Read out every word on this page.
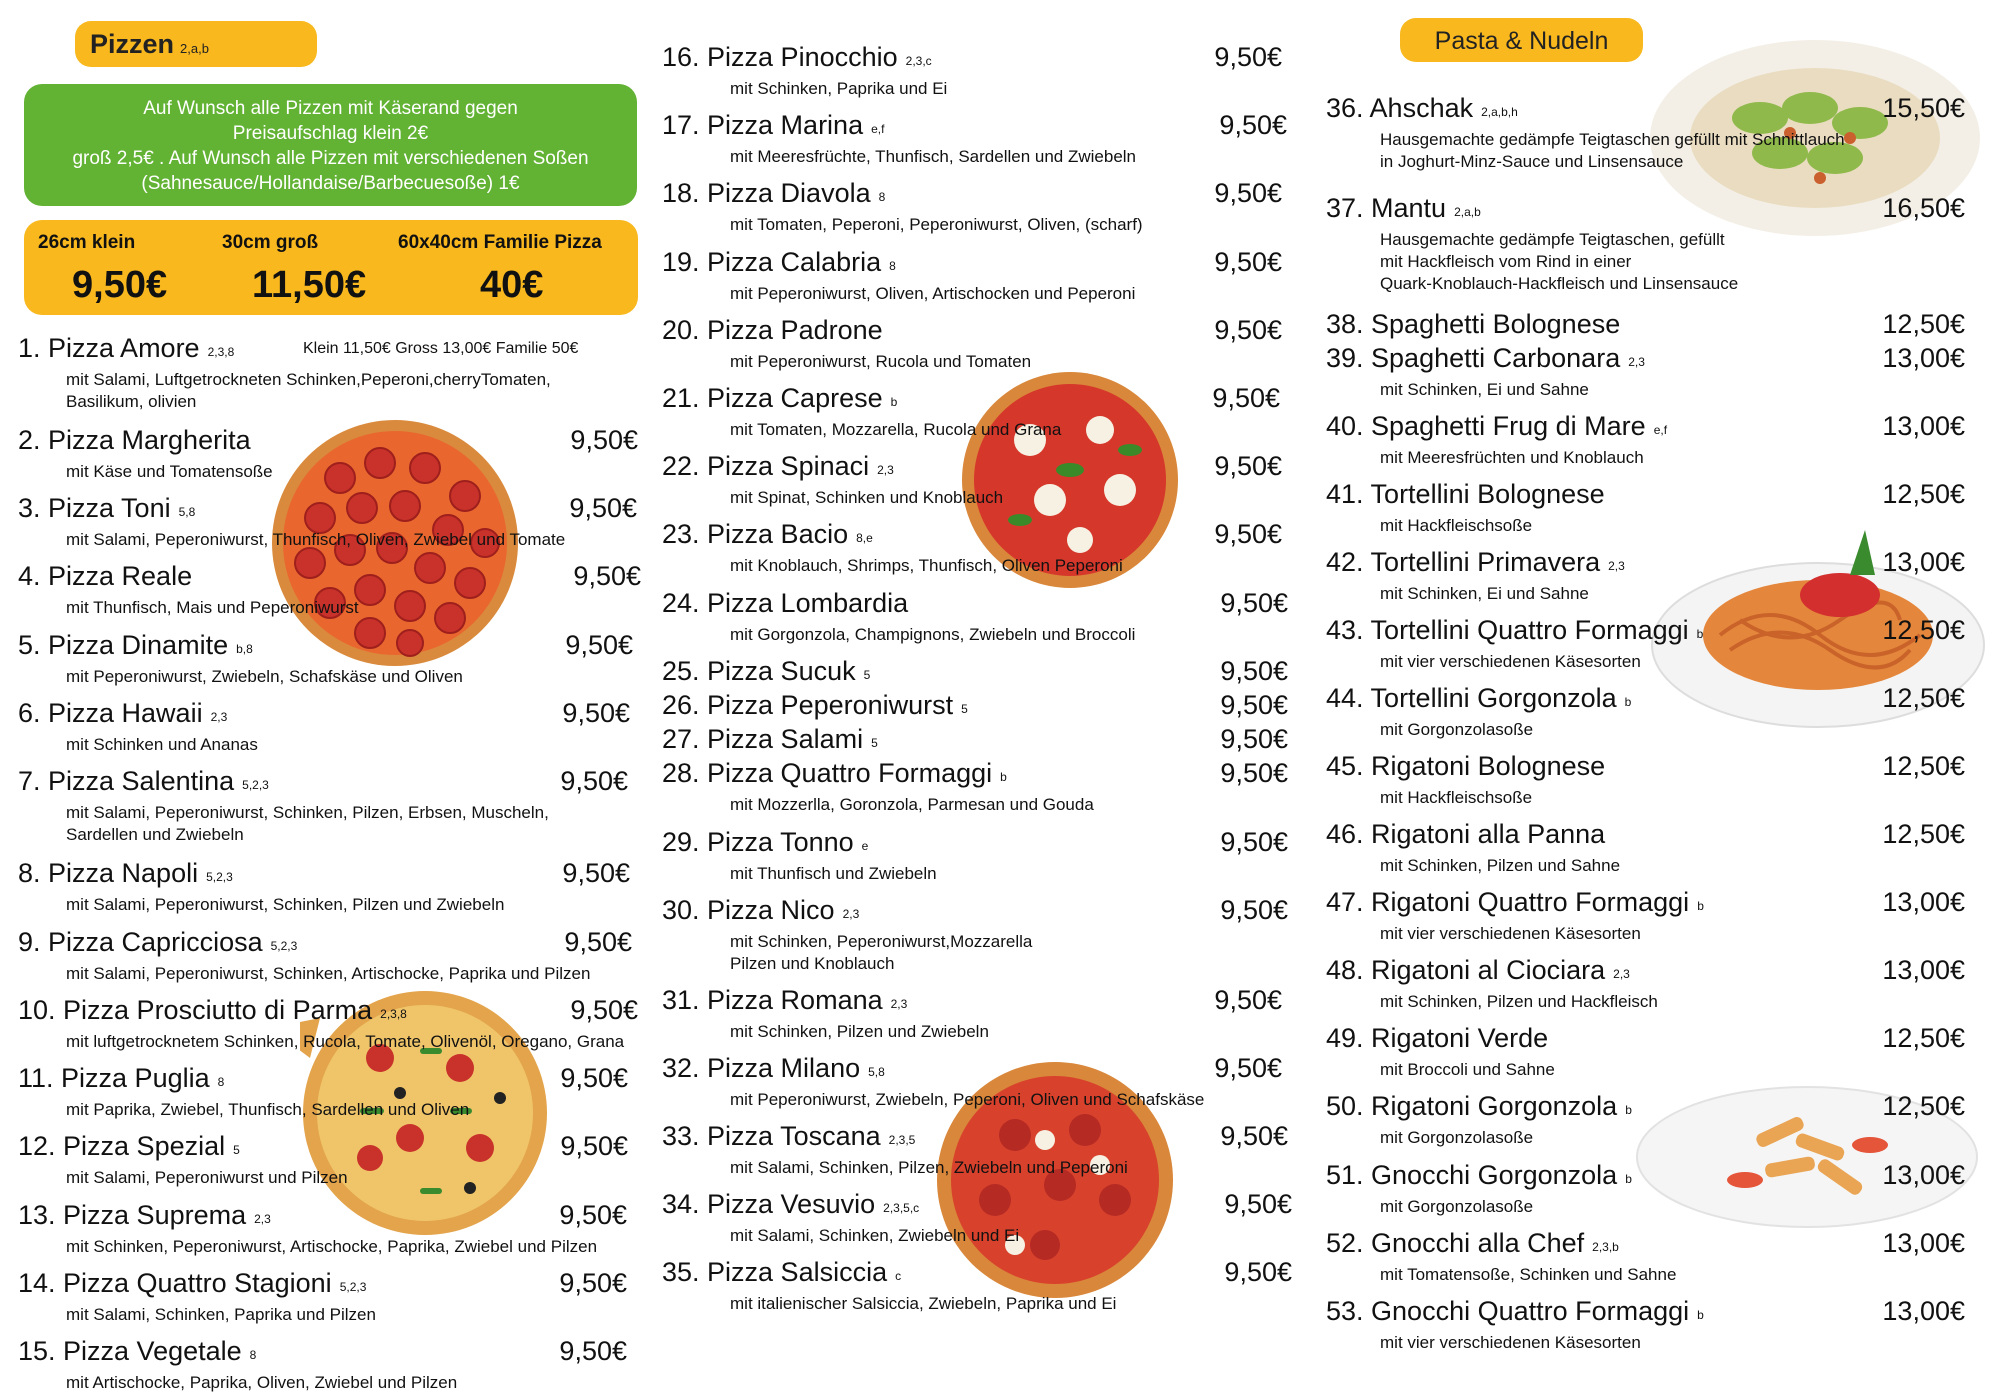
Pizzen 2,a,b
Auf Wunsch alle Pizzen mit Käserand gegen
Preisaufschlag klein 2€
groß 2,5€ . Auf Wunsch alle Pizzen mit verschiedenen Soßen
(Sahnesauce/Hollandaise/Barbecuesoße) 1€
26cm klein
9,50€
30cm groß
11,50€
60x40cm Familie Pizza
40€
1. Pizza Amore 2,3,8
mit Salami, Luftgetrockneten Schinken,Peperoni,cherryTomaten,
Basilikum, olivien
Klein 11,50€ Gross 13,00€ Familie 50€
2. Pizza Margherita	9,50€
mit Käse und Tomatensoße
3. Pizza Toni 5,8	9,50€
mit Salami, Peperoniwurst, Thunfisch, Oliven, Zwiebel und Tomate
4. Pizza Reale	9,50€
mit Thunfisch, Mais und Peperoniwurst
5. Pizza Dinamite b,8	9,50€
mit Peperoniwurst, Zwiebeln, Schafskäse und Oliven
6. Pizza Hawaii 2,3	9,50€
mit Schinken und Ananas
7. Pizza Salentina 5,2,3	9,50€
mit Salami, Peperoniwurst, Schinken, Pilzen, Erbsen, Muscheln,
Sardellen und Zwiebeln
8. Pizza Napoli 5,2,3	9,50€
mit Salami, Peperoniwurst, Schinken, Pilzen und Zwiebeln
9. Pizza Capricciosa 5,2,3	9,50€
mit Salami, Peperoniwurst, Schinken, Artischocke, Paprika und Pilzen
10. Pizza Prosciutto di Parma 2,3,8	9,50€
mit luftgetrocknetem Schinken, Rucola, Tomate, Olivenöl, Oregano, Grana
11. Pizza Puglia 8	9,50€
mit Paprika, Zwiebel, Thunfisch, Sardellen und Oliven
12. Pizza Spezial 5	9,50€
mit Salami, Peperoniwurst und Pilzen
13. Pizza Suprema 2,3	9,50€
mit Schinken, Peperoniwurst, Artischocke, Paprika, Zwiebel und Pilzen
14. Pizza Quattro Stagioni 5,2,3	9,50€
mit Salami, Schinken, Paprika und Pilzen
15. Pizza Vegetale 8	9,50€
mit Artischocke, Paprika, Oliven, Zwiebel und Pilzen
16. Pizza Pinocchio 2,3,c	9,50€
mit Schinken, Paprika und Ei
17. Pizza Marina e,f	9,50€
mit Meeresfrüchte, Thunfisch, Sardellen und Zwiebeln
18. Pizza Diavola 8	9,50€
mit Tomaten, Peperoni, Peperoniwurst, Oliven, (scharf)
19. Pizza Calabria 8	9,50€
mit Peperoniwurst, Oliven, Artischocken und Peperoni
20. Pizza Padrone	9,50€
mit Peperoniwurst, Rucola und Tomaten
21. Pizza Caprese b	9,50€
mit Tomaten, Mozzarella, Rucola und Grana
22. Pizza Spinaci 2,3	9,50€
mit Spinat, Schinken und Knoblauch
23. Pizza Bacio 8,e	9,50€
mit Knoblauch, Shrimps, Thunfisch, Oliven Peperoni
24. Pizza Lombardia	9,50€
mit Gorgonzola, Champignons, Zwiebeln und Broccoli
25. Pizza Sucuk 5	9,50€
26. Pizza Peperoniwurst 5	9,50€
27. Pizza Salami 5	9,50€
28. Pizza Quattro Formaggi b	9,50€
mit Mozzerlla, Goronzola, Parmesan und Gouda
29. Pizza Tonno e	9,50€
mit Thunfisch und Zwiebeln
30. Pizza Nico 2,3	9,50€
mit Schinken, Peperoniwurst,Mozzarella
Pilzen und Knoblauch
31. Pizza Romana 2,3	9,50€
mit Schinken, Pilzen und Zwiebeln
32. Pizza Milano 5,8	9,50€
mit Peperoniwurst, Zwiebeln, Peperoni, Oliven und Schafskäse
33. Pizza Toscana 2,3,5	9,50€
mit Salami, Schinken, Pilzen, Zwiebeln und Peperoni
34. Pizza Vesuvio 2,3,5,c	9,50€
mit Salami, Schinken, Zwiebeln und Ei
35. Pizza Salsiccia c	9,50€
mit italienischer Salsiccia, Zwiebeln, Paprika und Ei
Pasta & Nudeln
36. Ahschak 2,a,b,h	15,50€
Hausgemachte gedämpfe Teigtaschen gefüllt mit Schnittlauch
in Joghurt-Minz-Sauce und Linsensauce
37. Mantu 2,a,b	16,50€
Hausgemachte gedämpfe Teigtaschen, gefüllt
mit Hackfleisch vom Rind in einer
Quark-Knoblauch-Hackfleisch und Linsensauce
38. Spaghetti Bolognese	12,50€
39. Spaghetti Carbonara 2,3	13,00€
mit Schinken, Ei und Sahne
40. Spaghetti Frug di Mare e,f	13,00€
mit Meeresfrüchten und Knoblauch
41. Tortellini Bolognese	12,50€
mit Hackfleischsoße
42. Tortellini Primavera 2,3	13,00€
mit Schinken, Ei und Sahne
43. Tortellini Quattro Formaggi b	12,50€
mit vier verschiedenen Käsesorten
44. Tortellini Gorgonzola b	12,50€
mit Gorgonzolasoße
45. Rigatoni Bolognese	12,50€
mit Hackfleischsoße
46. Rigatoni alla Panna	12,50€
mit Schinken, Pilzen und Sahne
47. Rigatoni Quattro Formaggi b	13,00€
mit vier verschiedenen Käsesorten
48. Rigatoni al Ciociara 2,3	13,00€
mit Schinken, Pilzen und Hackfleisch
49. Rigatoni Verde	12,50€
mit Broccoli und Sahne
50. Rigatoni Gorgonzola b	12,50€
mit Gorgonzolasoße
51. Gnocchi Gorgonzola b	13,00€
mit Gorgonzolasoße
52. Gnocchi alla Chef 2,3,b	13,00€
mit Tomatensoße, Schinken und Sahne
53. Gnocchi Quattro Formaggi b	13,00€
mit vier verschiedenen Käsesorten
